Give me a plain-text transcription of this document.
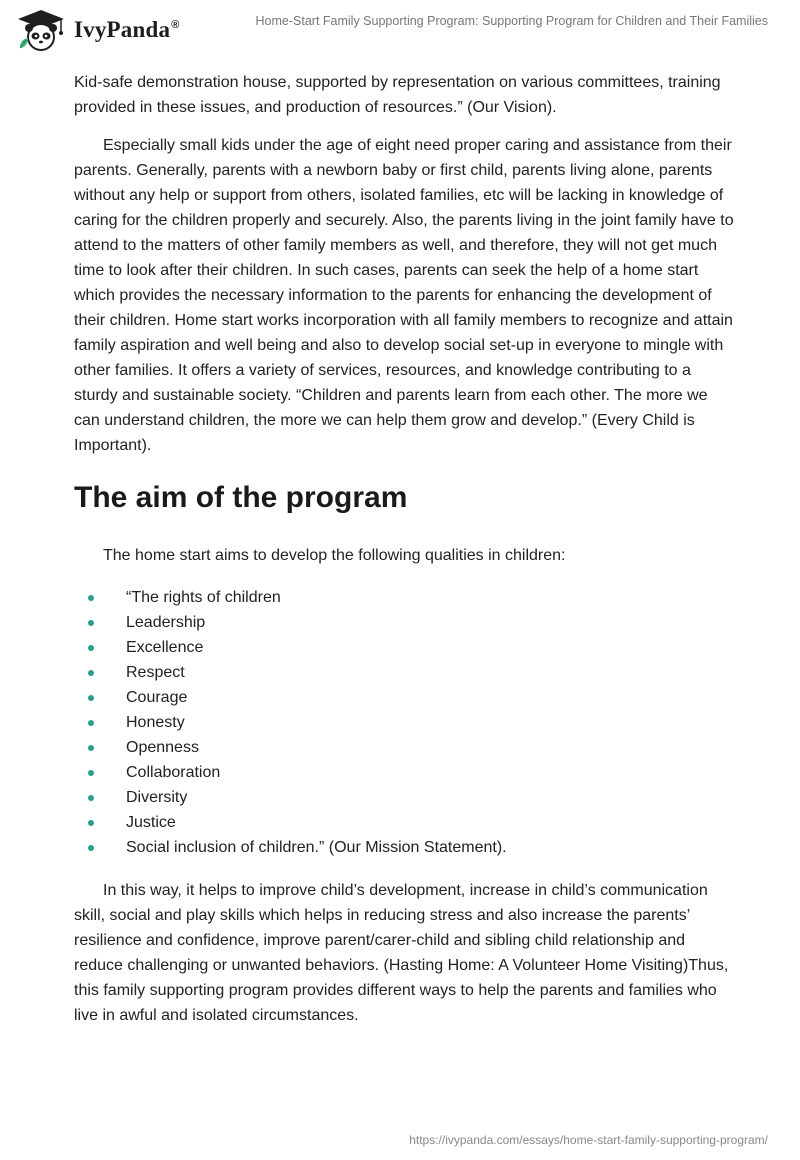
IvyPanda®	Home-Start Family Supporting Program: Supporting Program for Children and Their Families

Kid-safe demonstration house, supported by representation on various committees, training provided in these issues, and production of resources.” (Our Vision).

Especially small kids under the age of eight need proper caring and assistance from their parents. Generally, parents with a newborn baby or first child, parents living alone, parents without any help or support from others, isolated families, etc will be lacking in knowledge of caring for the children properly and securely. Also, the parents living in the joint family have to attend to the matters of other family members as well, and therefore, they will not get much time to look after their children. In such cases, parents can seek the help of a home start which provides the necessary information to the parents for enhancing the development of their children. Home start works incorporation with all family members to recognize and attain family aspiration and well being and also to develop social set-up in everyone to mingle with other families. It offers a variety of services, resources, and knowledge contributing to a sturdy and sustainable society. “Children and parents learn from each other. The more we can understand children, the more we can help them grow and develop.” (Every Child is Important).

The aim of the program

The home start aims to develop the following qualities in children:

“The rights of children
Leadership
Excellence
Respect
Courage
Honesty
Openness
Collaboration
Diversity
Justice
Social inclusion of children.” (Our Mission Statement).

In this way, it helps to improve child’s development, increase in child’s communication skill, social and play skills which helps in reducing stress and also increase the parents’ resilience and confidence, improve parent/carer-child and sibling child relationship and reduce challenging or unwanted behaviors. (Hasting Home: A Volunteer Home Visiting)Thus, this family supporting program provides different ways to help the parents and families who live in awful and isolated circumstances.

https://ivypanda.com/essays/home-start-family-supporting-program/
